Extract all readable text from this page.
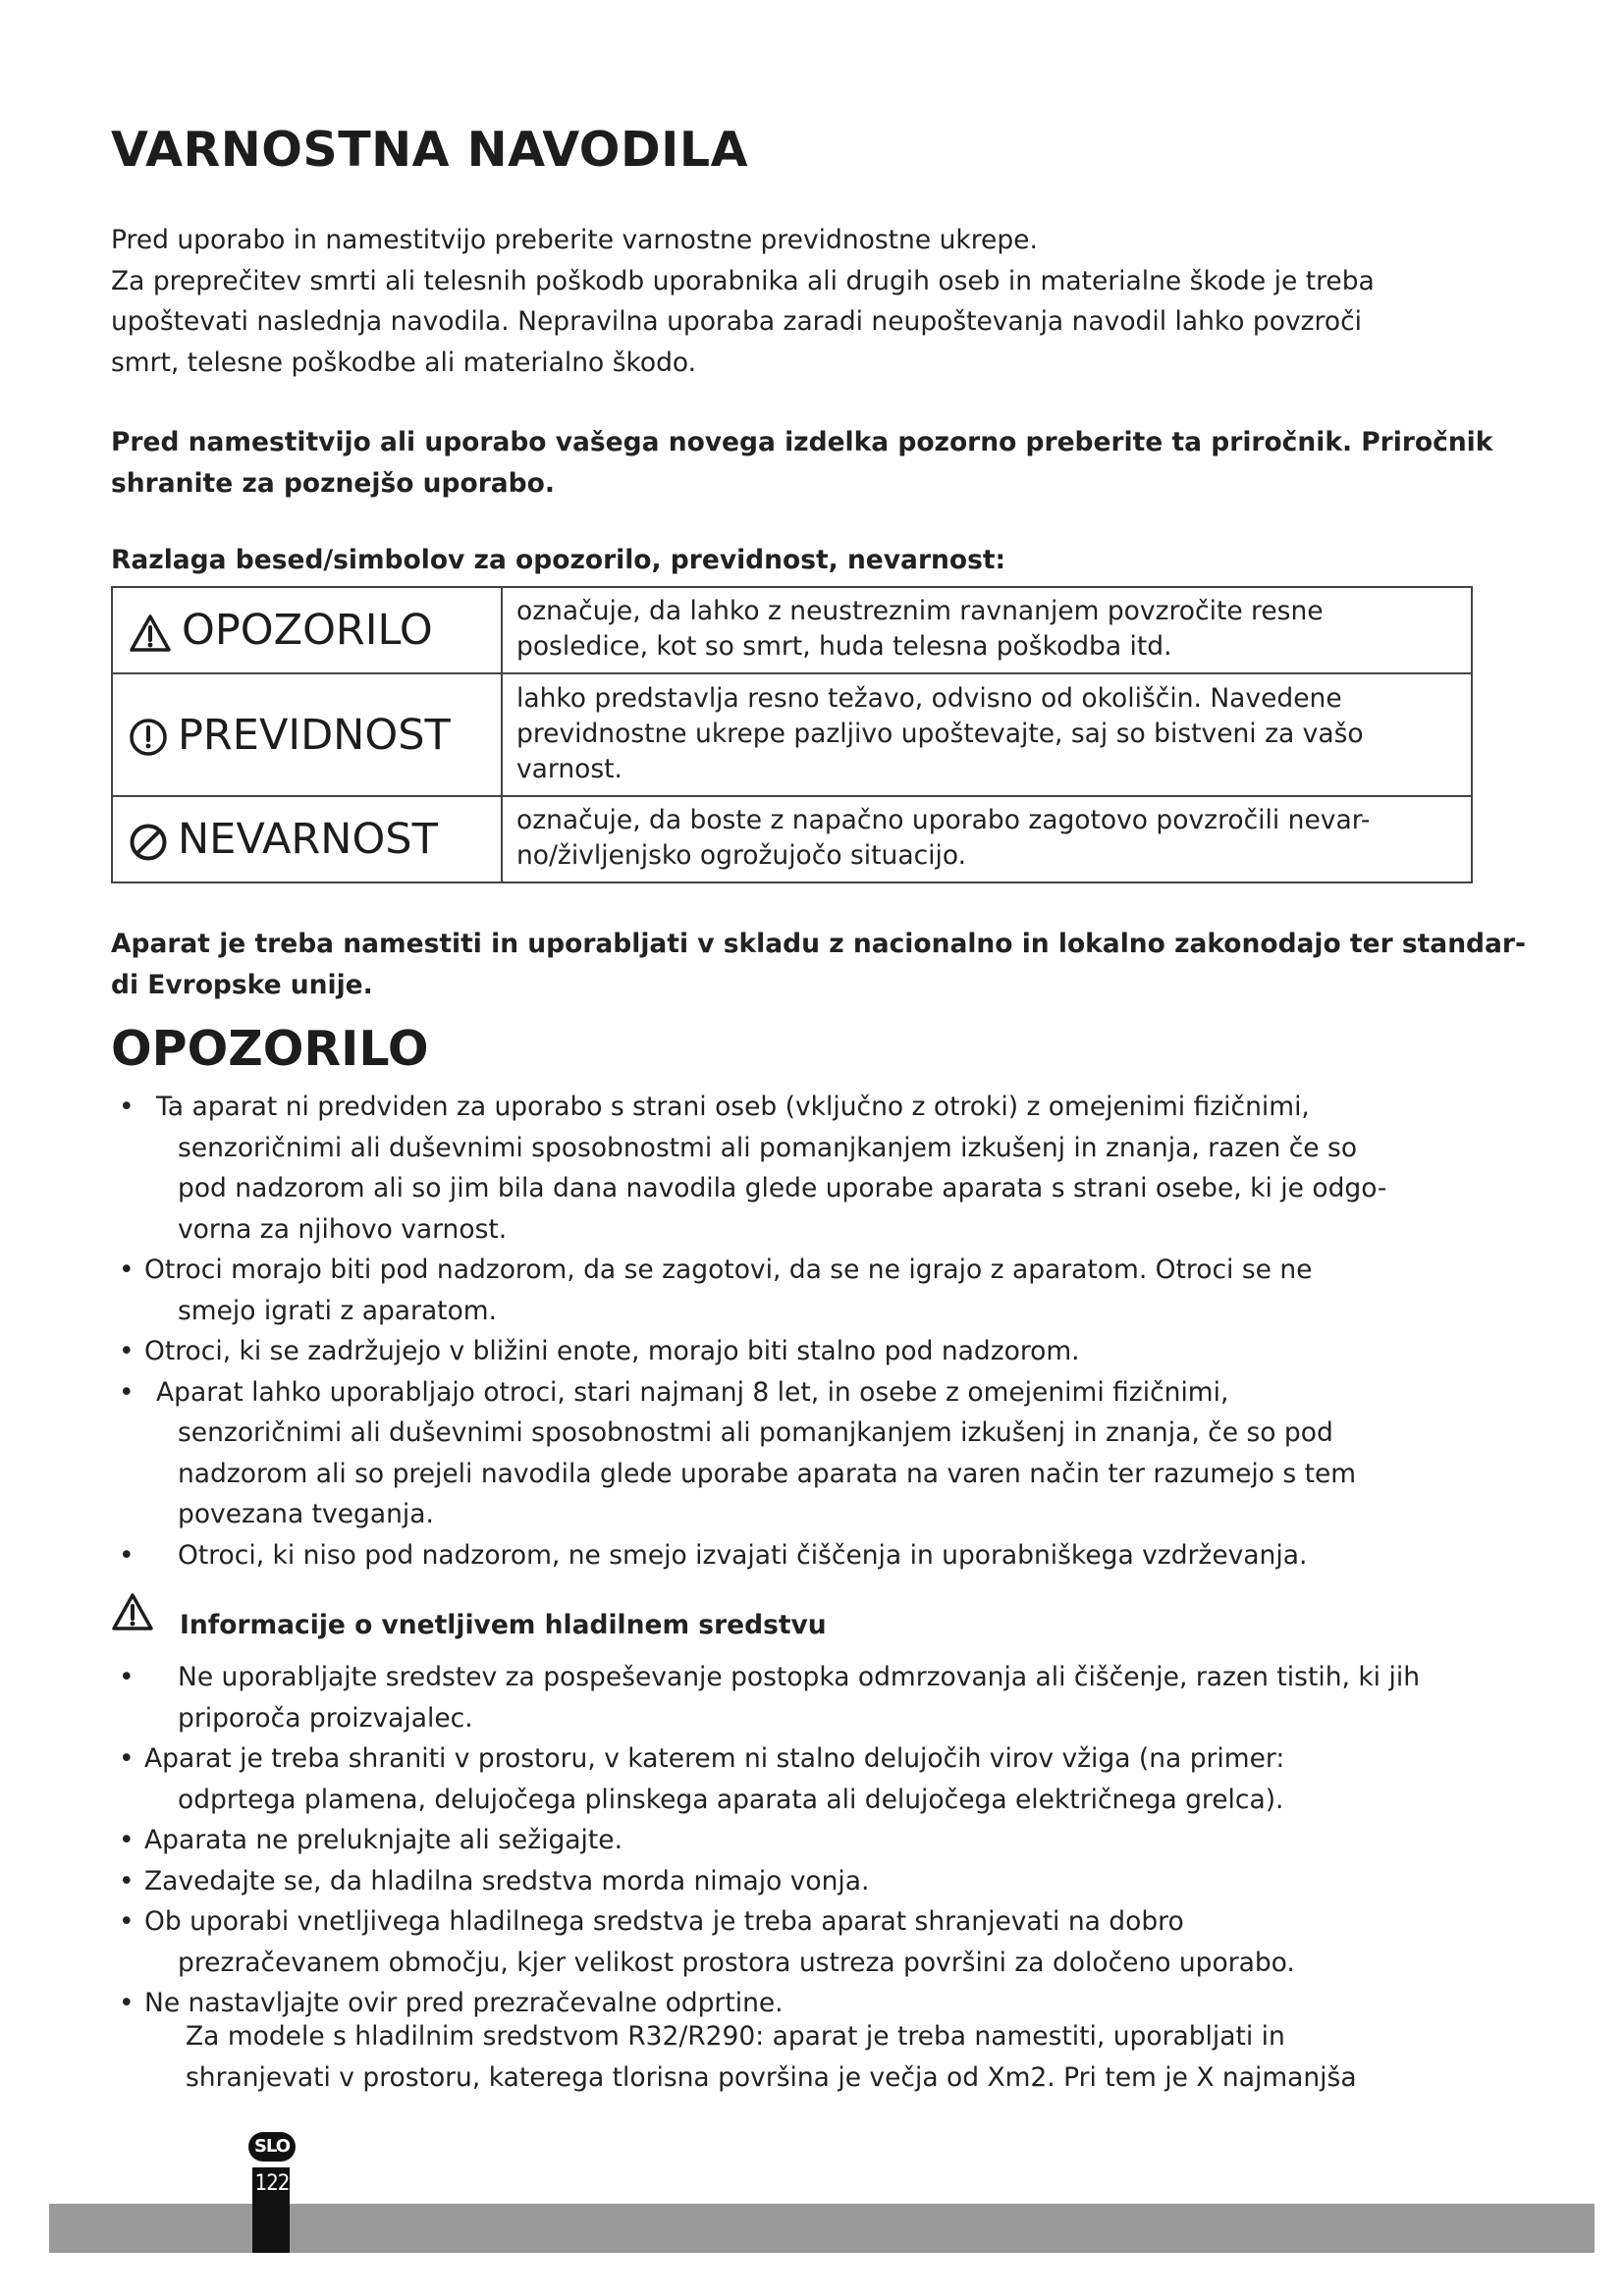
VARNOSTNA NAVODILA

Pred uporabo in namestitvijo preberite varnostne previdnostne ukrepe.

Za preprečitev smrti ali telesnih poškodb uporabnika ali drugih oseb in materialne škode je treba

upoštevati naslednja navodila. Nepravilna uporaba zaradi neupoštevanja navodil lahko povzroči

smrt, telesne poškodbe ali materialno škodo.

Pred namestitvijo ali uporabo vašega novega izdelka pozorno preberite ta priročnik. Priročnik

shranite za poznejšo uporabo.

Razlaga besed/simbolov za opozorilo, previdnost, nevarnost:
OPOZORILO	označuje, da lahko z neustreznim ravnanjem povzročite resne

posledice, kot so smrt, huda telesna poškodba itd.

PREVIDNOST	lahko predstavlja resno težavo, odvisno od okoliščin. Navedene

previdnostne ukrepe pazljivo upoštevajte, saj so bistveni za vašo

varnost.

NEVARNOST	označuje, da boste z napačno uporabo zagotovo povzročili nevar-

no/življenjsko ogrožujočo situacijo.

Aparat je treba namestiti in uporabljati v skladu z nacionalno in lokalno zakonodajo ter standar-

di Evropske unije.

OPOZORILO
• Ta aparat ni predviden za uporabo s strani oseb (vključno z otroki) z omejenimi fizičnimi,

senzoričnimi ali duševnimi sposobnostmi ali pomanjkanjem izkušenj in znanja, razen če so

pod nadzorom ali so jim bila dana navodila glede uporabe aparata s strani osebe, ki je odgo-

vorna za njihovo varnost.

• Otroci morajo biti pod nadzorom, da se zagotovi, da se ne igrajo z aparatom. Otroci se ne

smejo igrati z aparatom.

• Otroci, ki se zadržujejo v bližini enote, morajo biti stalno pod nadzorom.

• Aparat lahko uporabljajo otroci, stari najmanj 8 let, in osebe z omejenimi fizičnimi,

senzoričnimi ali duševnimi sposobnostmi ali pomanjkanjem izkušenj in znanja, če so pod

nadzorom ali so prejeli navodila glede uporabe aparata na varen način ter razumejo s tem

povezana tveganja.

• Otroci, ki niso pod nadzorom, ne smejo izvajati čiščenja in uporabniškega vzdrževanja.

Informacije o vnetljivem hladilnem sredstvu
• Ne uporabljajte sredstev za pospeševanje postopka odmrzovanja ali čiščenje, razen tistih, ki jih

priporoča proizvajalec.

• Aparat je treba shraniti v prostoru, v katerem ni stalno delujočih virov vžiga (na primer:

odprtega plamena, delujočega plinskega aparata ali delujočega električnega grelca).

• Aparata ne preluknjajte ali sežigajte.

• Zavedajte se, da hladilna sredstva morda nimajo vonja.

• Ob uporabi vnetljivega hladilnega sredstva je treba aparat shranjevati na dobro

prezračevanem območju, kjer velikost prostora ustreza površini za določeno uporabo.

• Ne nastavljajte ovir pred prezračevalne odprtine.

Za modele s hladilnim sredstvom R32/R290: aparat je treba namestiti, uporabljati in

shranjevati v prostoru, katerega tlorisna površina je večja od Xm2. Pri tem je X najmanjša

SLO
122
